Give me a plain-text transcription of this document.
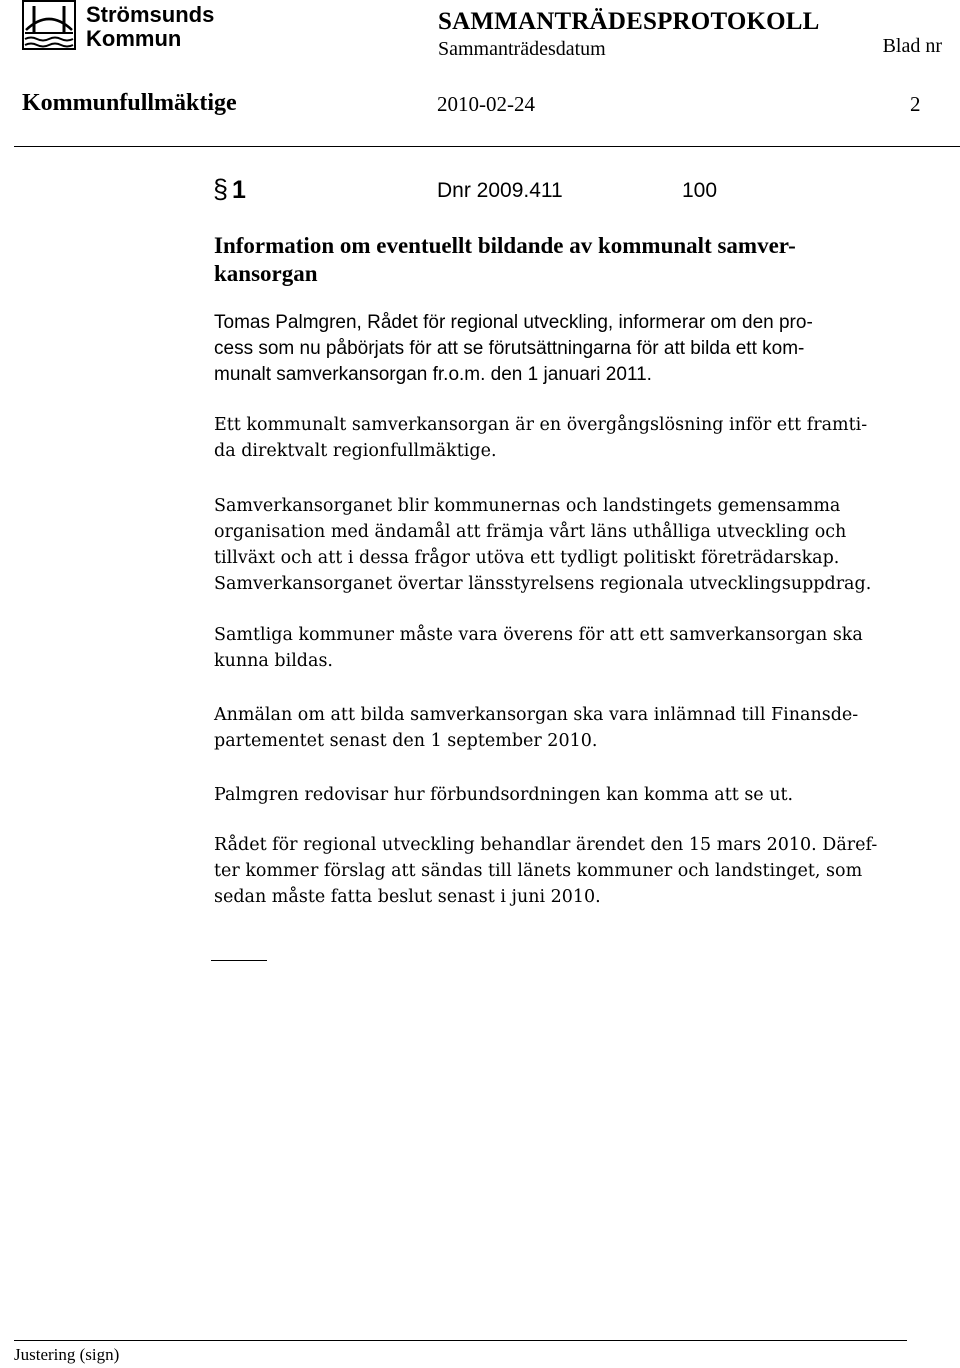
Strömsunds
Kommun
SAMMANTRÄDESPROTOKOLL
Sammanträdesdatum	Blad nr
Kommunfullmäktige	2010-02-24	2
§ 1	Dnr 2009.411	100
Information om eventuellt bildande av kommunalt samver-
kansorgan
Tomas Palmgren, Rådet för regional utveckling, informerar om den pro-
cess som nu påbörjats för att se förutsättningarna för att bilda ett kom-
munalt samverkansorgan fr.o.m. den 1 januari 2011.
Ett kommunalt samverkansorgan är en övergångslösning inför ett framti-
da direktvalt regionfullmäktige.
Samverkansorganet blir kommunernas och landstingets gemensamma
organisation med ändamål att främja vårt läns uthålliga utveckling och
tillväxt och att i dessa frågor utöva ett tydligt politiskt företrädarskap.
Samverkansorganet övertar länsstyrelsens regionala utvecklingsuppdrag.
Samtliga kommuner måste vara överens för att ett samverkansorgan ska
kunna bildas.
Anmälan om att bilda samverkansorgan ska vara inlämnad till Finansde-
partementet senast den 1 september 2010.
Palmgren redovisar hur förbundsordningen kan komma att se ut.
Rådet för regional utveckling behandlar ärendet den 15 mars 2010. Däref-
ter kommer förslag att sändas till länets kommuner och landstinget, som
sedan måste fatta beslut senast i juni 2010.
Justering (sign)
